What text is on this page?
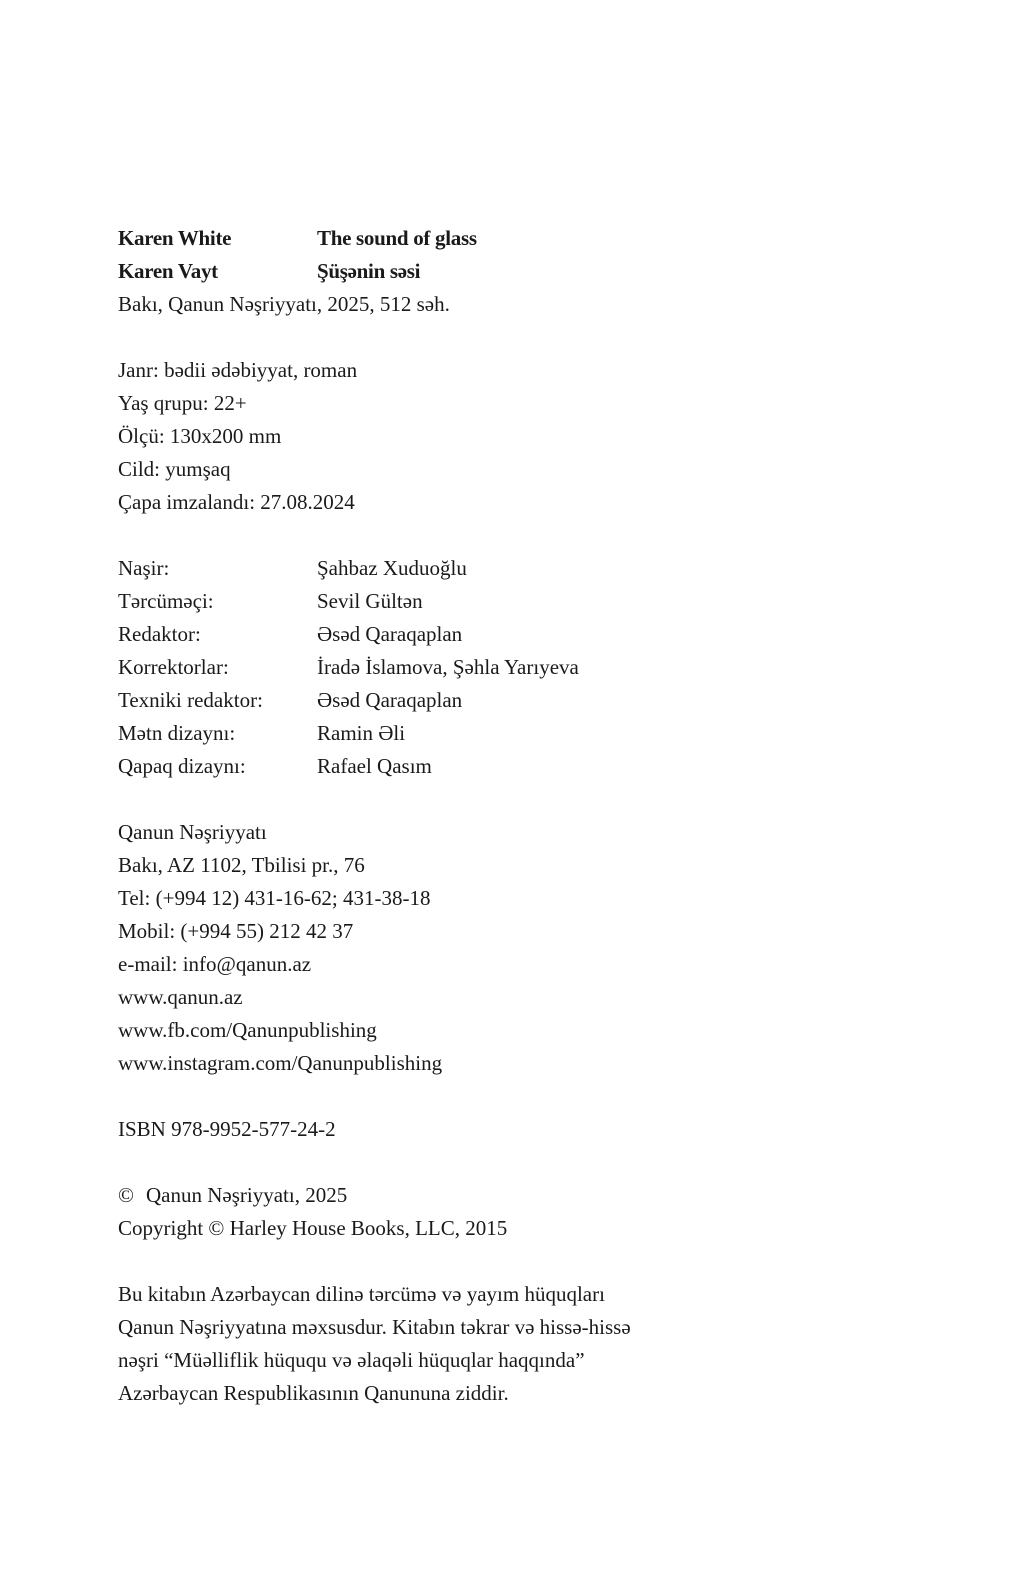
Karen White	The sound of glass
Karen Vayt	Şüşənin səsi
Bakı, Qanun Nəşriyyatı, 2025, 512 səh.
Janr: bədii ədəbiyyat, roman
Yaş qrupu: 22+
Ölçü: 130x200 mm
Cild: yumşaq
Çapa imzalandı: 27.08.2024
Naşir:	Şahbaz Xuduoğlu
Tərcüməçi:	Sevil Gültən
Redaktor:	Əsəd Qaraqaplan
Korrektorlar:	İradə İslamova, Şəhla Yarıyeva
Texniki redaktor:	Əsəd Qaraqaplan
Mətn dizaynı:	Ramin Əli
Qapaq dizaynı:	Rafael Qasım
Qanun Nəşriyyatı
Bakı, AZ 1102, Tbilisi pr., 76
Tel: (+994 12) 431-16-62; 431-38-18
Mobil: (+994 55) 212 42 37
e-mail: info@qanun.az
www.qanun.az
www.fb.com/Qanunpublishing
www.instagram.com/Qanunpublishing
ISBN 978-9952-577-24-2
© Qanun Nəşriyyatı, 2025
Copyright © Harley House Books, LLC, 2015
Bu kitabın Azərbaycan dilinə tərcümə və yayım hüquqları
Qanun Nəşriyyatına məxsusdur. Kitabın təkrar və hissə-hissə
nəşri “Müəlliflik hüququ və əlaqəli hüquqlar haqqında”
Azərbaycan Respublikasının Qanununa ziddir.
